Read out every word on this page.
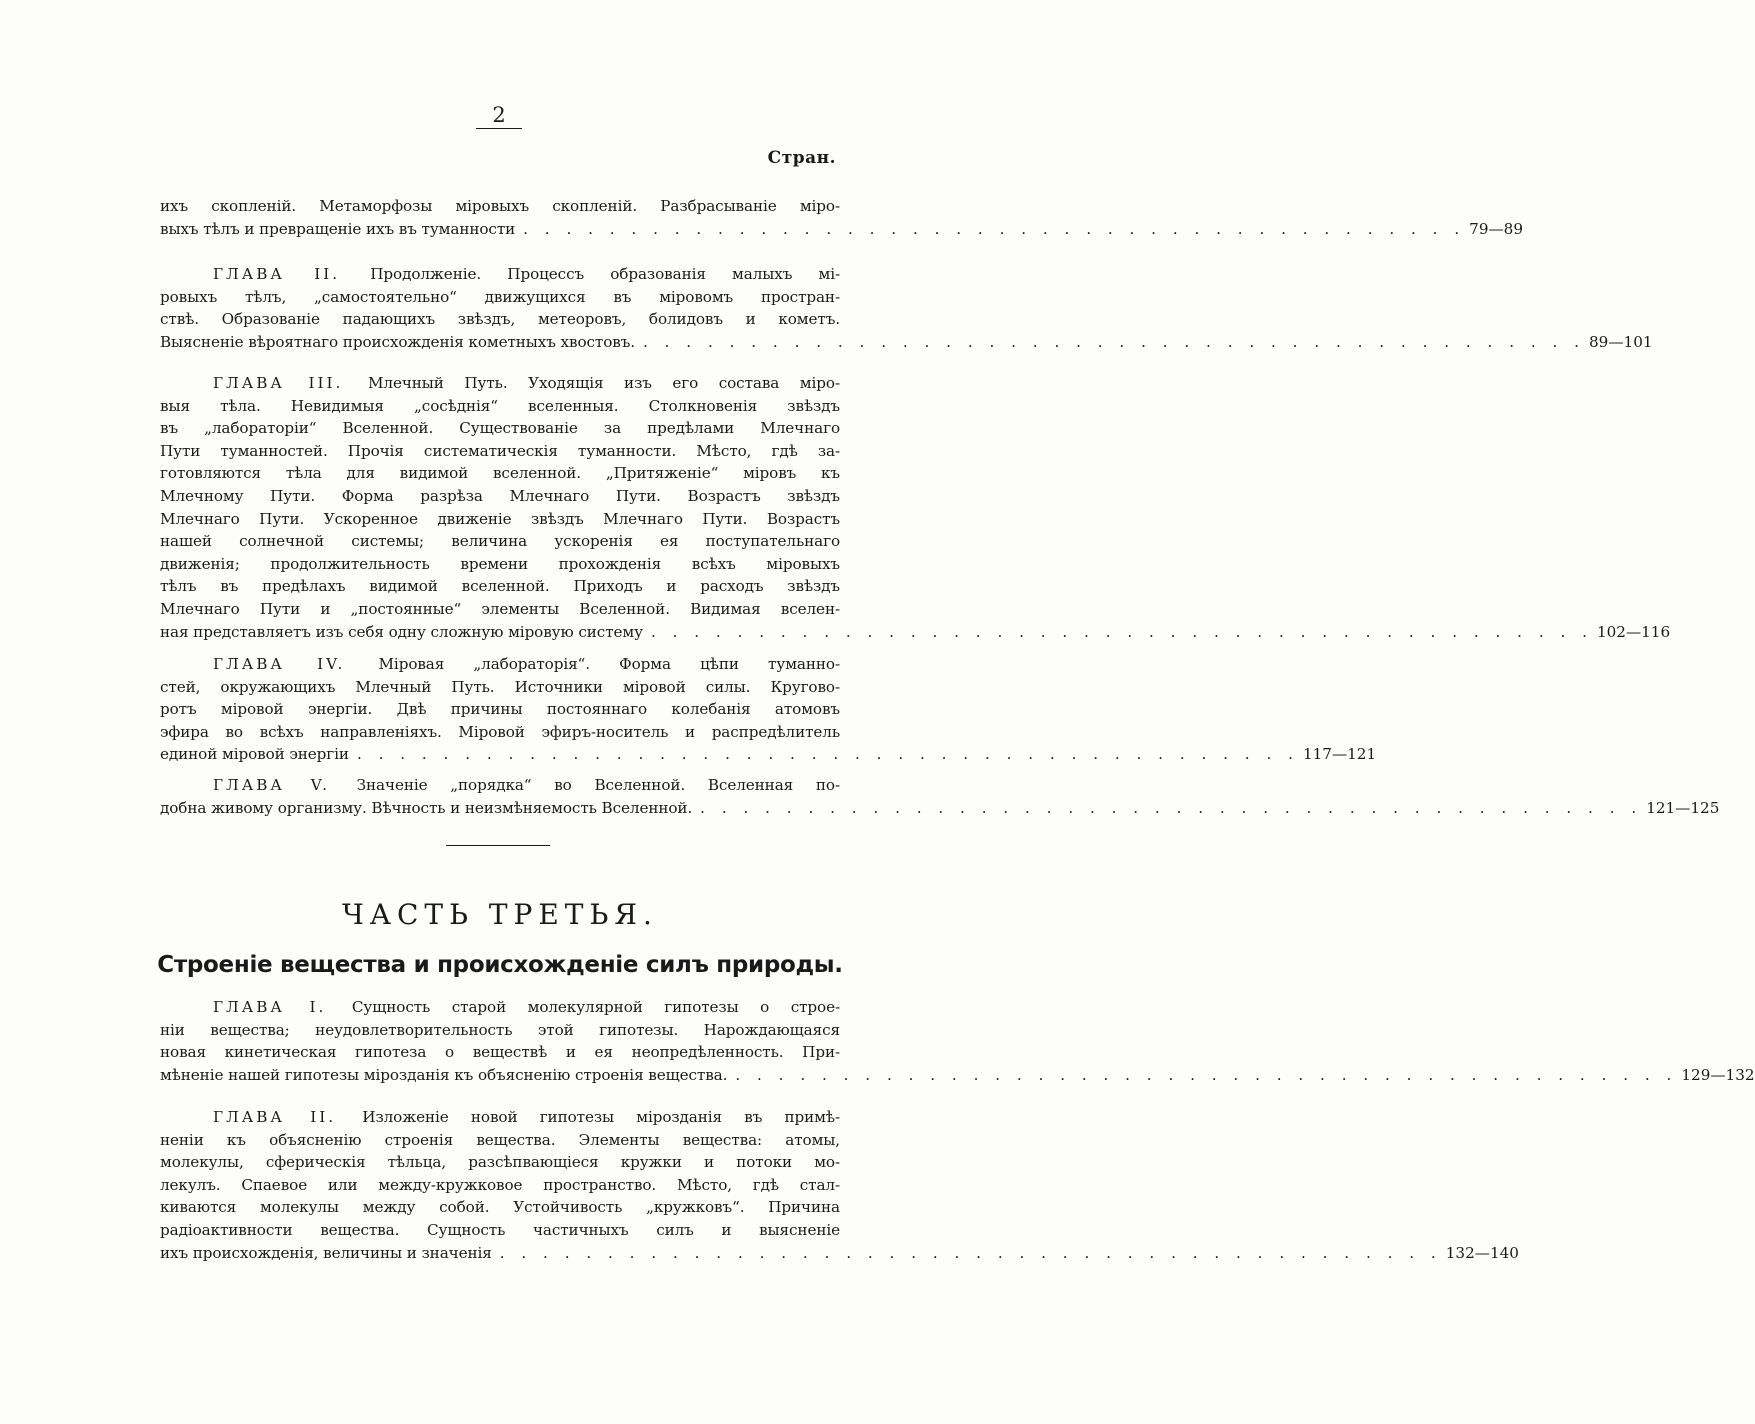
2
Стран.
ихъ скопленій. Метаморфозы міровыхъ скопленій. Разбрасываніе міро-
выхъ тѣлъ и превращеніе ихъ въ туманности . . . . . . . . . . . . . . . . . . . . . . . . . . . . . . . . . . . . . . . . . . . . 79—89
ГЛАВА II. Продолженіе. Процессъ образованія малыхъ мі-
ровыхъ тѣлъ, „самостоятельно“ движущихся въ міровомъ простран-
ствѣ. Образованіе падающихъ звѣздъ, метеоровъ, болидовъ и кометъ.
Выясненіе вѣроятнаго происхожденія кометныхъ хвостовъ. . . . . . . . . . . . . . . . . . . . . . . . . . . . . . . . . . . . . . . . . . . . . 89—101
ГЛАВА III. Млечный Путь. Уходящія изъ его состава міро-
выя тѣла. Невидимыя „сосѣднія“ вселенныя. Столкновенія звѣздъ
въ „лабораторіи“ Вселенной. Существованіе за предѣлами Млечнаго
Пути туманностей. Прочія систематическія туманности. Мѣсто, гдѣ за-
готовляются тѣла для видимой вселенной. „Притяженіе“ міровъ къ
Млечному Пути. Форма разрѣза Млечнаго Пути. Возрастъ звѣздъ
Млечнаго Пути. Ускоренное движеніе звѣздъ Млечнаго Пути. Возрастъ
нашей солнечной системы; величина ускоренія ея поступательнаго
движенія; продолжительность времени прохожденія всѣхъ міровыхъ
тѣлъ въ предѣлахъ видимой вселенной. Приходъ и расходъ звѣздъ
Млечнаго Пути и „постоянные“ элементы Вселенной. Видимая вселен-
ная представляетъ изъ себя одну сложную міровую систему . . . . . . . . . . . . . . . . . . . . . . . . . . . . . . . . . . . . . . . . . . . . 102—116
ГЛАВА IV. Міровая „лабораторія“. Форма цѣпи туманно-
стей, окружающихъ Млечный Путь. Источники міровой силы. Кругово-
ротъ міровой энергіи. Двѣ причины постояннаго колебанія атомовъ
эфира во всѣхъ направленіяхъ. Міровой эфиръ-носитель и распредѣлитель
единой міровой энергіи . . . . . . . . . . . . . . . . . . . . . . . . . . . . . . . . . . . . . . . . . . . . 117—121
ГЛАВА V. Значеніе „порядка“ во Вселенной. Вселенная по-
добна живому организму. Вѣчность и неизмѣняемость Вселенной. . . . . . . . . . . . . . . . . . . . . . . . . . . . . . . . . . . . . . . . . . . . . 121—125
ЧАСТЬ ТРЕТЬЯ.
Строеніе вещества и происхожденіе силъ природы.
ГЛАВА I. Сущность старой молекулярной гипотезы о строе-
ніи вещества; неудовлетворительность этой гипотезы. Нарождающаяся
новая кинетическая гипотеза о веществѣ и ея неопредѣленность. При-
мѣненіе нашей гипотезы мірозданія къ объясненію строенія вещества. . . . . . . . . . . . . . . . . . . . . . . . . . . . . . . . . . . . . . . . . . . . . 129—132
ГЛАВА II. Изложеніе новой гипотезы мірозданія въ примѣ-
неніи къ объясненію строенія вещества. Элементы вещества: атомы,
молекулы, сферическія тѣльца, разсѣпвающіеся кружки и потоки мо-
лекулъ. Спаевое или между-кружковое пространство. Мѣсто, гдѣ стал-
киваются молекулы между собой. Устойчивость „кружковъ“. Причина
радіоактивности вещества. Сущность частичныхъ силъ и выясненіе
ихъ происхожденія, величины и значенія . . . . . . . . . . . . . . . . . . . . . . . . . . . . . . . . . . . . . . . . . . . . 132—140
